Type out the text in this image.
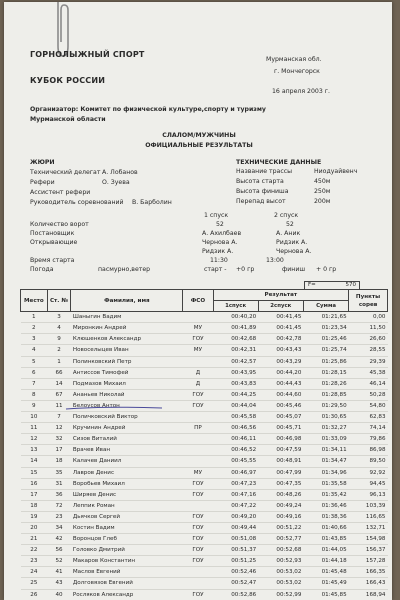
ГОРНОЛЫЖНЫЙ СПОРТ
КУБОК РОССИИ
Мурманская обл.
г. Мончегорск
16 апреля 2003 г.
Организатор: Комитет по физической культуре,спорту и туризму
Мурманской области
СЛАЛОМ/МУЖЧИНЫ
ОФИЦИАЛЬНЫЕ РЕЗУЛЬТАТЫ
ЖЮРИ
Технический делегат А. Лобанов
Рефери	О. Зуева
Ассистент рефери
Руководитель соревнований В. Барболин
ТЕХНИЧЕСКИЕ ДАННЫЕ
Название трассы	Ниодуайвенч
Высота старта	450м
Высота финиша	250м
Перепад высот	200м
1 спуск	2 спуск
Количество ворот	52	52
Постановщик	А. Ахилбаев	А. Аник
Открывающие	Чернова А.	Ридзик А.
Ридзик А.	Чернова А.
Время старта	11:30	13:00
Погода	пасмурно,ветер	старт - +0 гр	финиш + 0 гр
F=	570
Место	Ст. №	Фамилия, имя	ФСО	Результат			Пункты сорев
				1спуск	2спуск	Сумма	
1	3	Шаныгин Вадим		00:40,20	00:41,45	01:21,65	0,00
2	4	Миронкин Андрей	МУ	00:41,89	00:41,45	01:23,34	11,50
3	9	Клюшенков Александр	ГОУ	00:42,68	00:42,78	01:25,46	26,60
4	2	Новоселыцев Иван	МУ	00:42,31	00:43,43	01:25,74	28,55
5	1	Полинковский Петр		00:42,57	00:43,29	01:25,86	29,39
6	66	Антиссов Тимофей	Д	00:43,95	00:44,20	01:28,15	45,38
7	14	Подмазов Михаил	Д	00:43,83	00:44,43	01:28,26	46,14
8	67	Ананьев Николай	ГОУ	00:44,25	00:44,60	01:28,85	50,28
9	11	Белоусов Антон	ГОУ	00:44,04	00:45,46	01:29,50	54,80
10	7	Поличковский Виктор		00:45,58	00:45,07	01:30,65	62,83
11	12	Кручинин Андрей	ПР	00:46,56	00:45,71	01:32,27	74,14
12	32	Сизов Виталий		00:46,11	00:46,98	01:33,09	79,86
13	17	Врачев Иван		00:46,52	00:47,59	01:34,11	86,98
14	18	Калачев Даниил		00:45,55	00:48,91	01:34,47	89,50
15	35	Лавров Денис	МУ	00:46,97	00:47,99	01:34,96	92,92
16	31	Воробьев Михаил	ГОУ	00:47,23	00:47,35	01:35,58	94,45
17	36	Ширяев Денис	ГОУ	00:47,16	00:48,26	01:35,42	96,13
18	72	Леппик Роман		00:47,22	00:49,24	01:36,46	103,39
19	23	Дьячков Сергей	ГОУ	00:49,20	00:49,16	01:38,36	116,65
20	34	Костин Вадим	ГОУ	00:49,44	00:51,22	01:40,66	132,71
21	42	Воронцов Глеб	ГОУ	00:51,08	00:52,77	01:43,85	154,98
22	56	Головко Дмитрий	ГОУ	00:51,37	00:52,68	01:44,05	156,37
23	52	Макаров Константин	ГОУ	00:51,25	00:52,93	01:44,18	157,28
24	41	Маслов Евгений		00:52,46	00:53,02	01:45,48	166,35
25	43	Долговязов Евгений		00:52,47	00:53,02	01:45,49	166,43
26	40	Росляков Александр	ГОУ	00:52,86	00:52,99	01:45,85	168,94
